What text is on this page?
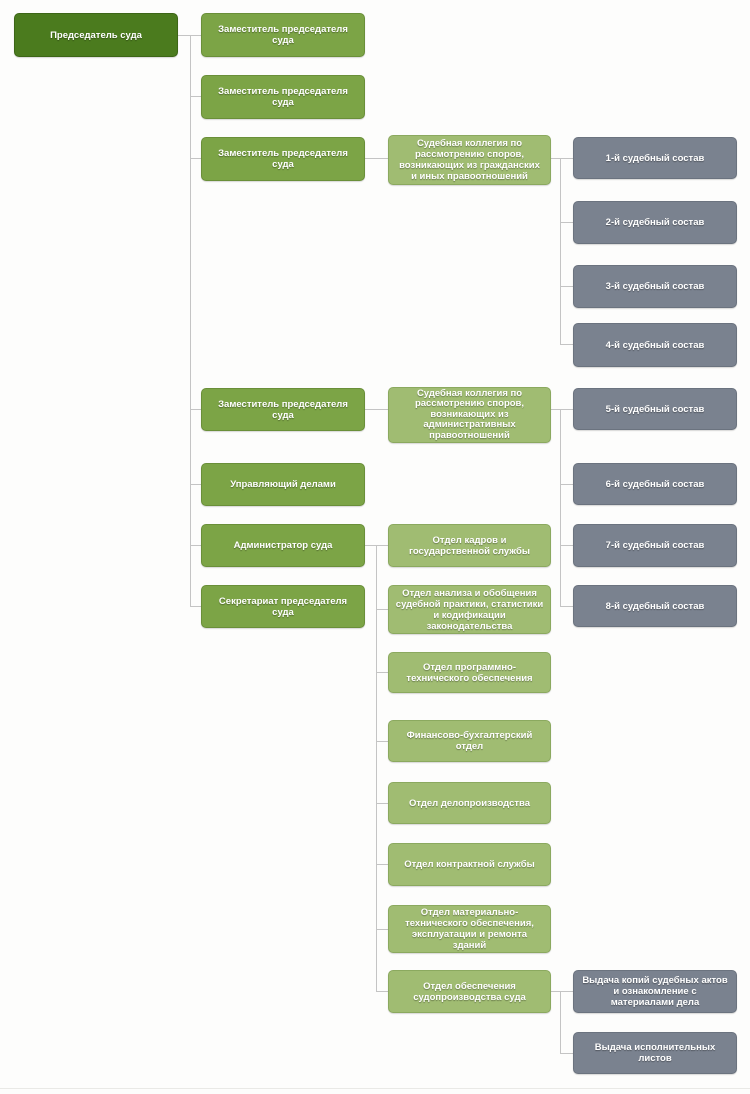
Председатель суда	Заместитель председателя суда
Заместитель председателя суда
Заместитель председателя суда
Заместитель председателя суда
Управляющий делами
Администратор суда
Секретариат председателя суда
Судебная коллегия по рассмотрению споров, возникающих из гражданских и иных правоотношений
Судебная коллегия по рассмотрению споров, возникающих из административных правоотношений
Отдел кадров и государственной службы
Отдел анализа и обобщения судебной практики, статистики и кодификации законодательства
Отдел программно-технического обеспечения
Финансово-бухгалтерский отдел
Отдел делопроизводства
Отдел контрактной службы
Отдел материально-технического обеспечения, эксплуатации и ремонта зданий
Отдел обеспечения судопроизводства суда
1-й судебный состав
2-й судебный состав
3-й судебный состав
4-й судебный состав
5-й судебный состав
6-й судебный состав
7-й судебный состав
8-й судебный состав
Выдача копий судебных актов и ознакомление с материалами дела
Выдача исполнительных листов
